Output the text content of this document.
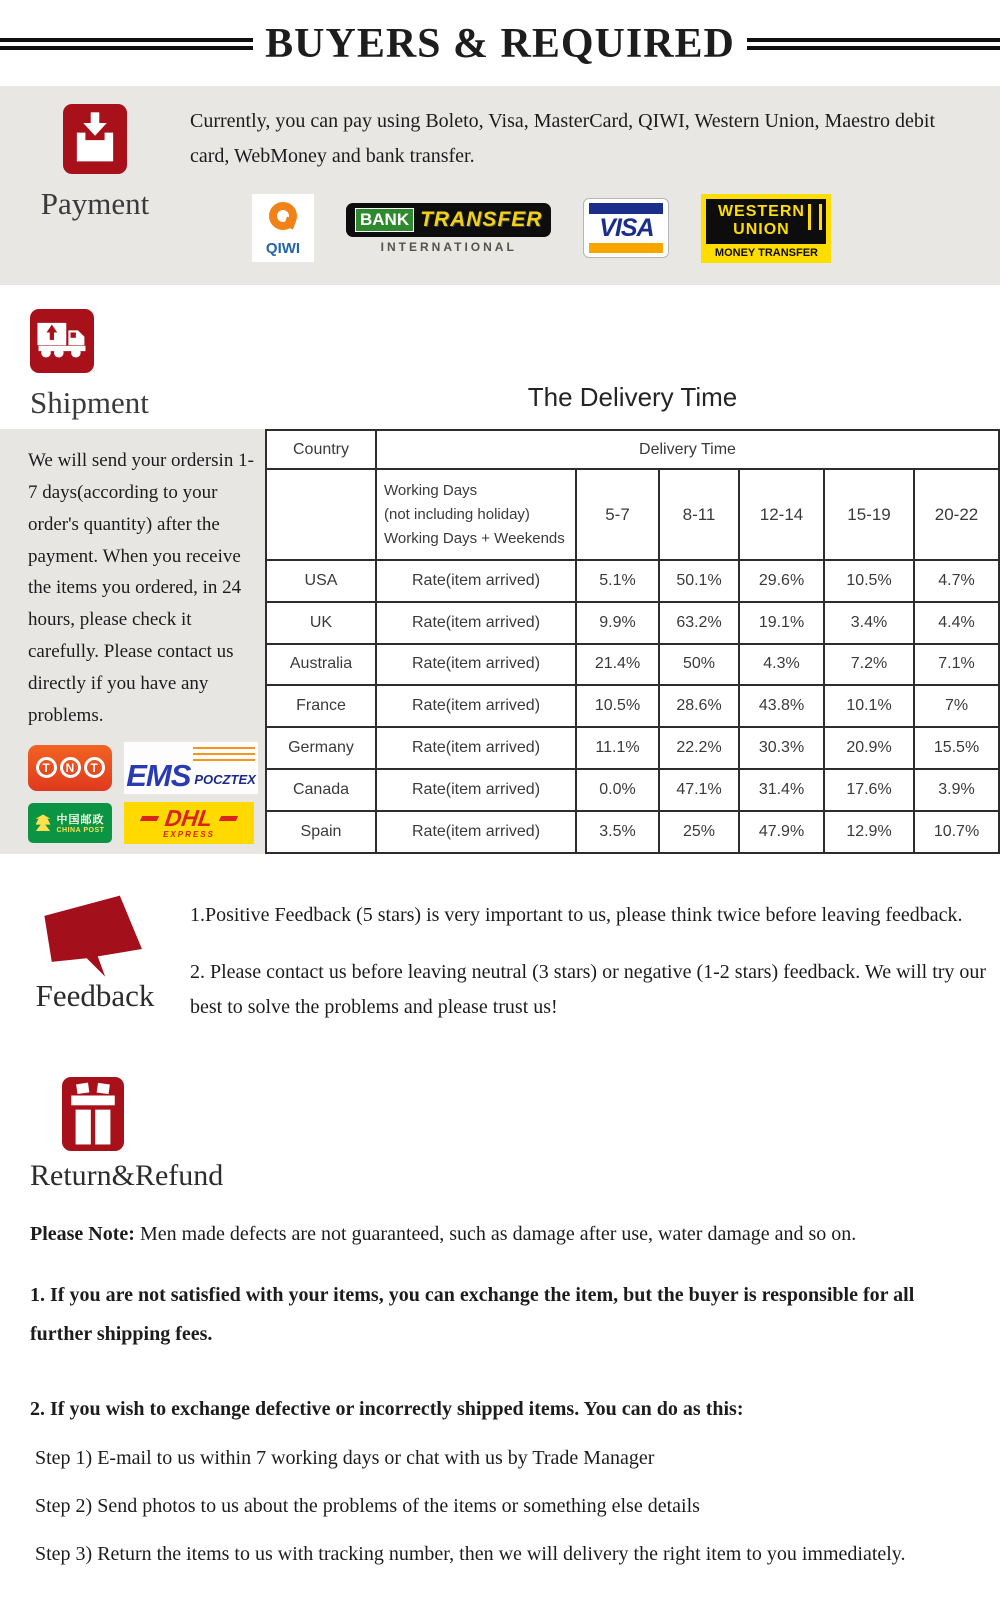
BUYERS & REQUIRED
Payment

Currently, you can pay using Boleto, Visa, MasterCard, QIWI, Western Union, Maestro debit card, WebMoney and bank transfer.

QIWI
BANK TRANSFER
INTERNATIONAL
VISA
WESTERN
UNION
MONEY TRANSFER
Shipment	The Delivery Time

We will send your ordersin 1-7 days(according to your order's quantity) after the payment. When you receive the items you ordered, in 24 hours, please check it carefully. Please contact us directly if you have any problems.

T	N	T EMS POCZTEX
中国邮政
CHINA POST	DHL
EXPRESS
Country	Delivery Time					

	Working Days
(not including holiday)
Working Days + Weekends	5-7	8-11	12-14	15-19	20-22
USA	Rate(item arrived)	5.1%	50.1%	29.6%	10.5%	4.7%
UK	Rate(item arrived)	9.9%	63.2%	19.1%	3.4%	4.4%
Australia	Rate(item arrived)	21.4%	50%	4.3%	7.2%	7.1%
France	Rate(item arrived)	10.5%	28.6%	43.8%	10.1%	7%
Germany	Rate(item arrived)	11.1%	22.2%	30.3%	20.9%	15.5%
Canada	Rate(item arrived)	0.0%	47.1%	31.4%	17.6%	3.9%
Spain	Rate(item arrived)	3.5%	25%	47.9%	12.9%	10.7%
Feedback

1.Positive Feedback (5 stars) is very important to us, please think twice before leaving feedback.

2. Please contact us before leaving neutral (3 stars) or negative (1-2 stars) feedback. We will try our best to solve the problems and please trust us!

Return&Refund

Please Note: Men made defects are not guaranteed, such as damage after use, water damage and so on.

1. If you are not satisfied with your items, you can exchange the item, but the buyer is responsible for all further shipping fees.

2. If you wish to exchange defective or incorrectly shipped items. You can do as this:

Step 1) E-mail to us within 7 working days or chat with us by Trade Manager

Step 2) Send photos to us about the problems of the items or something else details

Step 3) Return the items to us with tracking number, then we will delivery the right item to you immediately.
